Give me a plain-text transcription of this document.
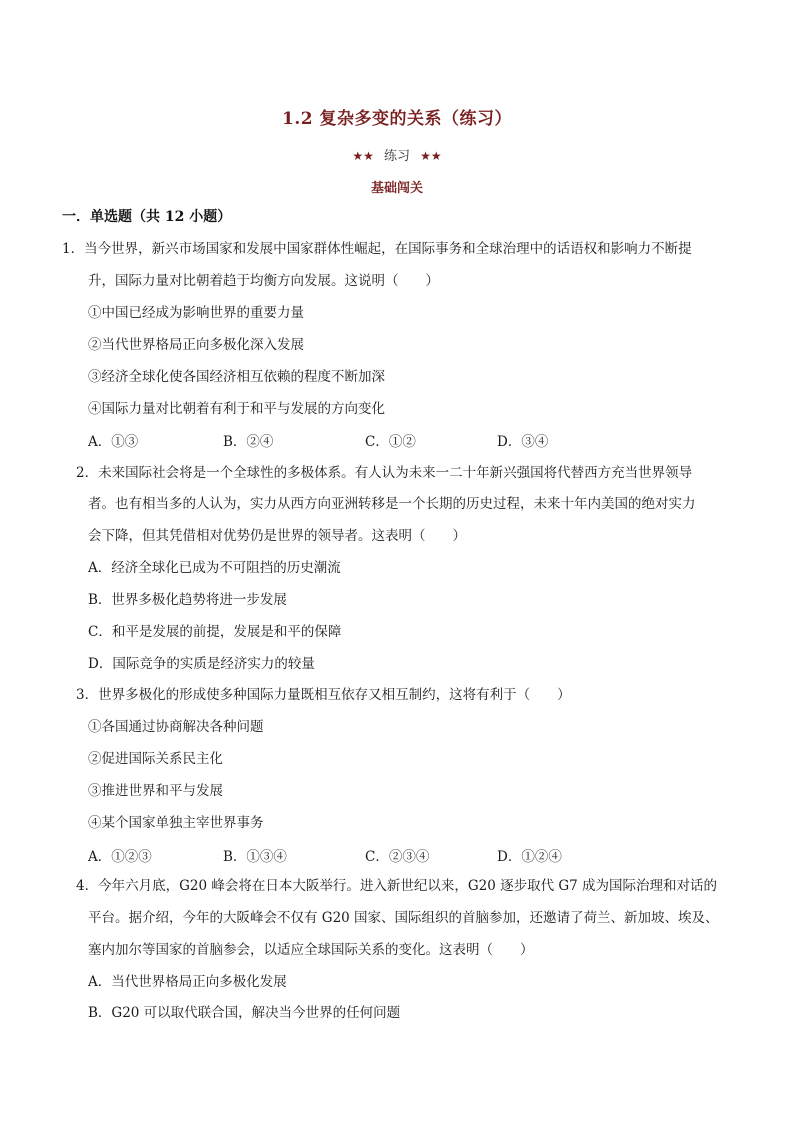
1.2 复杂多变的关系（练习）
★★ 练习 ★★
基础闯关
一．单选题（共 12 小题）
1．当今世界，新兴市场国家和发展中国家群体性崛起，在国际事务和全球治理中的话语权和影响力不断提
升，国际力量对比朝着趋于均衡方向发展。这说明（　　）
①中国已经成为影响世界的重要力量
②当代世界格局正向多极化深入发展
③经济全球化使各国经济相互依赖的程度不断加深
④国际力量对比朝着有利于和平与发展的方向变化
A．①③	B．②④	C．①②	D．③④
2．未来国际社会将是一个全球性的多极体系。有人认为未来一二十年新兴强国将代替西方充当世界领导
者。也有相当多的人认为，实力从西方向亚洲转移是一个长期的历史过程，未来十年内美国的绝对实力
会下降，但其凭借相对优势仍是世界的领导者。这表明（　　）
A．经济全球化已成为不可阻挡的历史潮流
B．世界多极化趋势将进一步发展
C．和平是发展的前提，发展是和平的保障
D．国际竞争的实质是经济实力的较量
3．世界多极化的形成使多种国际力量既相互依存又相互制约，这将有利于（　　）
①各国通过协商解决各种问题
②促进国际关系民主化
③推进世界和平与发展
④某个国家单独主宰世界事务
A．①②③	B．①③④	C．②③④	D．①②④
4．今年六月底，G20 峰会将在日本大阪举行。进入新世纪以来，G20 逐步取代 G7 成为国际治理和对话的
平台。据介绍，今年的大阪峰会不仅有 G20 国家、国际组织的首脑参加，还邀请了荷兰、新加坡、埃及、
塞内加尔等国家的首脑参会，以适应全球国际关系的变化。这表明（　　）
A．当代世界格局正向多极化发展
B．G20 可以取代联合国，解决当今世界的任何问题
